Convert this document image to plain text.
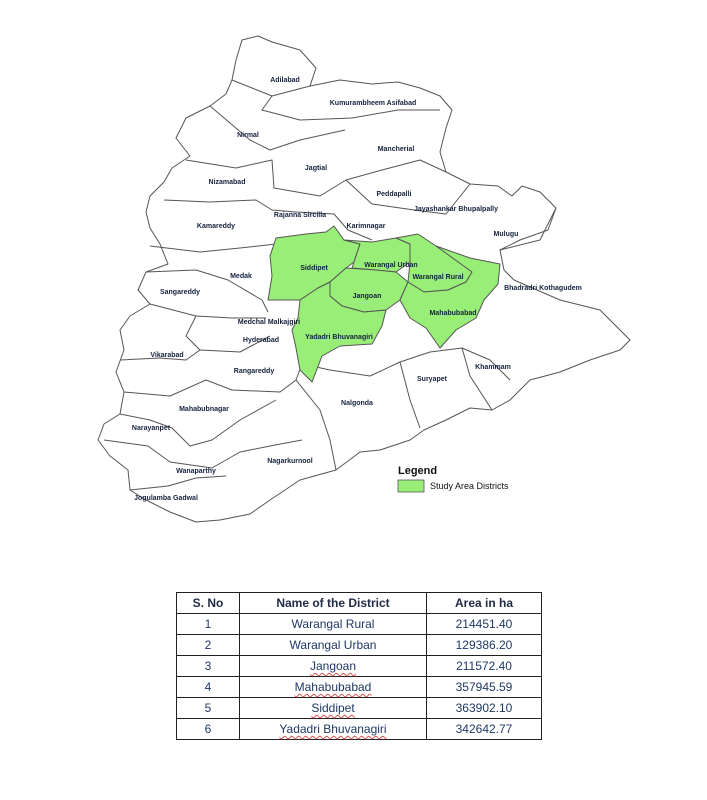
Adilabad
Kumurambheem Asifabad
Nirmal
Mancherial
Nizamabad
Jagtial
Peddapalli
Jayashankar Bhupalpally
Rajanna Sircilla
Karimnagar
Kamareddy
Mulugu
Siddipet	Warangal Urban
Warangal Rural
Medak
Bhadradri Kothagudem
Sangareddy
Jangoan
Mahabubabad
Medchal Malkajgiri
Yadadri Bhuvanagiri
Hyderabad
Vikarabad
Khammam
Rangareddy
Suryapet
Nalgonda
Mahabubnagar
Narayanpet
Nagarkurnool
Wanaparthy
Jogulamba Gadwal
Legend
Study Area Districts
S. No	Name of the District	Area in ha
1	Warangal Rural	214451.40
2	Warangal Urban	129386.20
3	Jangoan	211572.40
4	Mahabubabad	357945.59
5	Siddipet	363902.10
6	Yadadri Bhuvanagiri	342642.77
